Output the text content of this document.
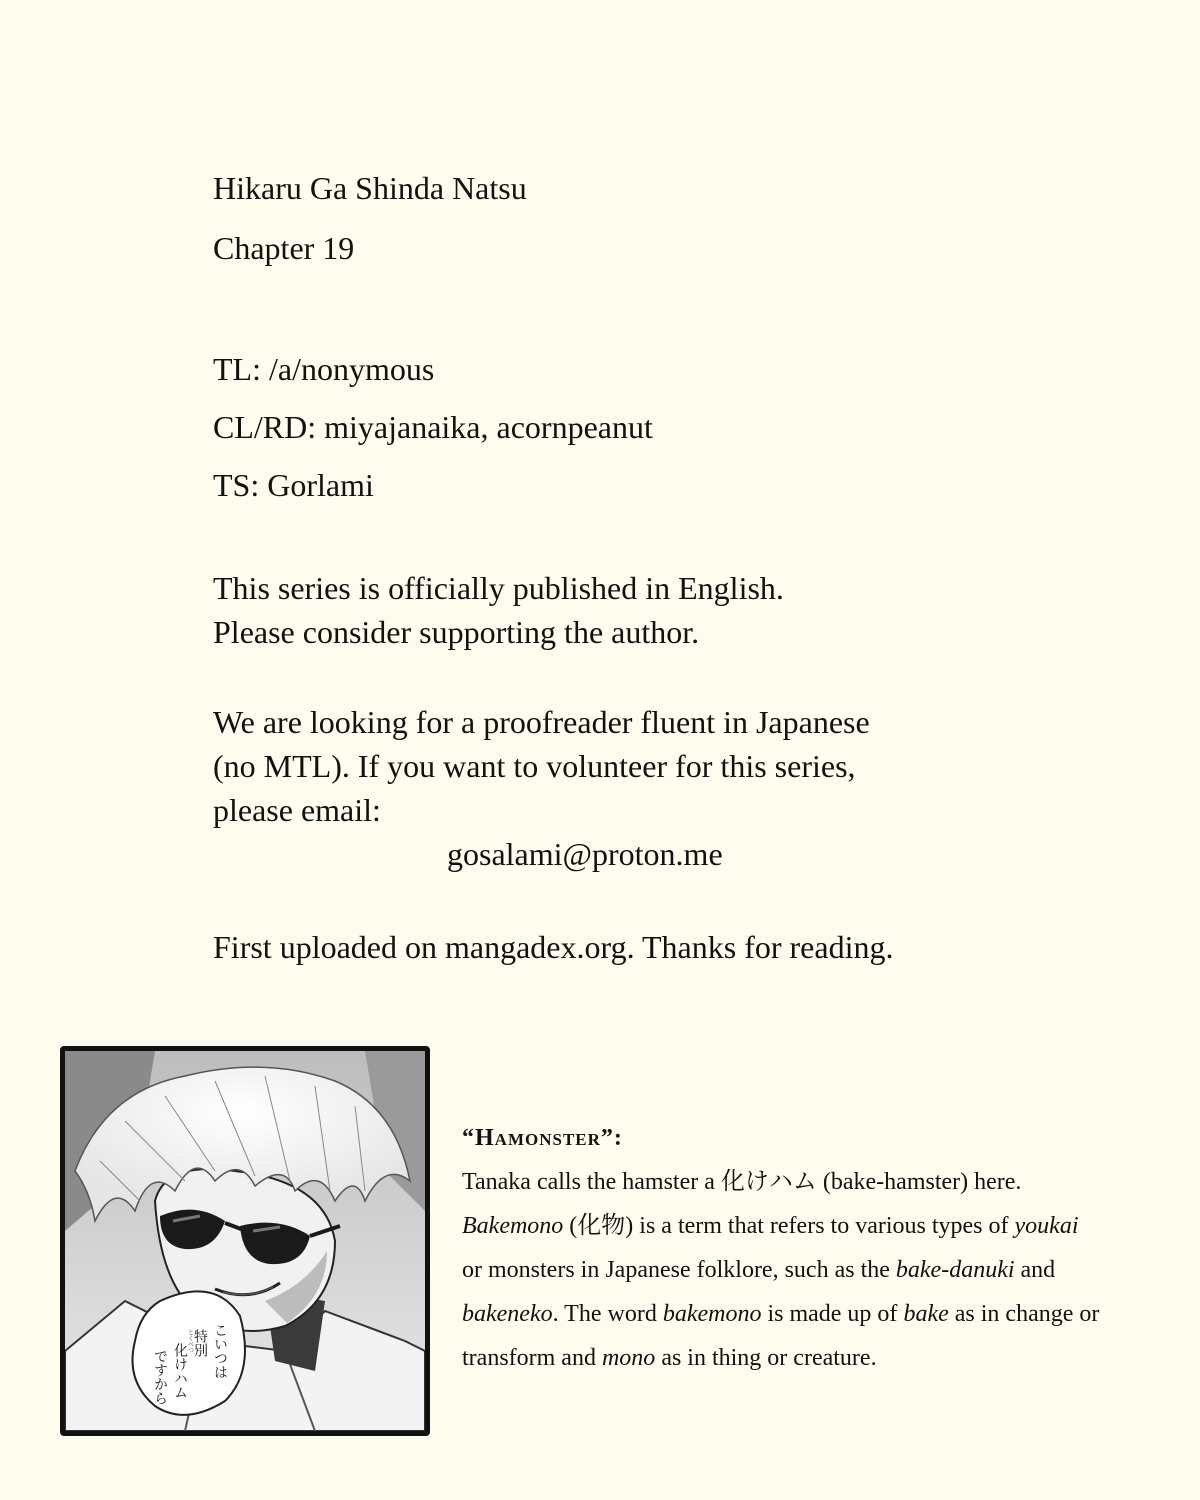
Hikaru Ga Shinda Natsu
Chapter 19
TL: /a/nonymous
CL/RD: miyajanaika, acornpeanut
TS: Gorlami
This series is officially published in English.
Please consider supporting the author.
We are looking for a proofreader fluent in Japanese
(no MTL). If you want to volunteer for this series,
please email:
gosalami@proton.me
First uploaded on mangadex.org. Thanks for reading.
こいつは
特別
化けハム
ですから
とくべつ

“Hamonster”:

Tanaka calls the hamster a 化けハム (bake-hamster) here.

Bakemono (化物) is a term that refers to various types of youkai

or monsters in Japanese folklore, such as the bake-danuki and

bakeneko. The word bakemono is made up of bake as in change or

transform and mono as in thing or creature.
